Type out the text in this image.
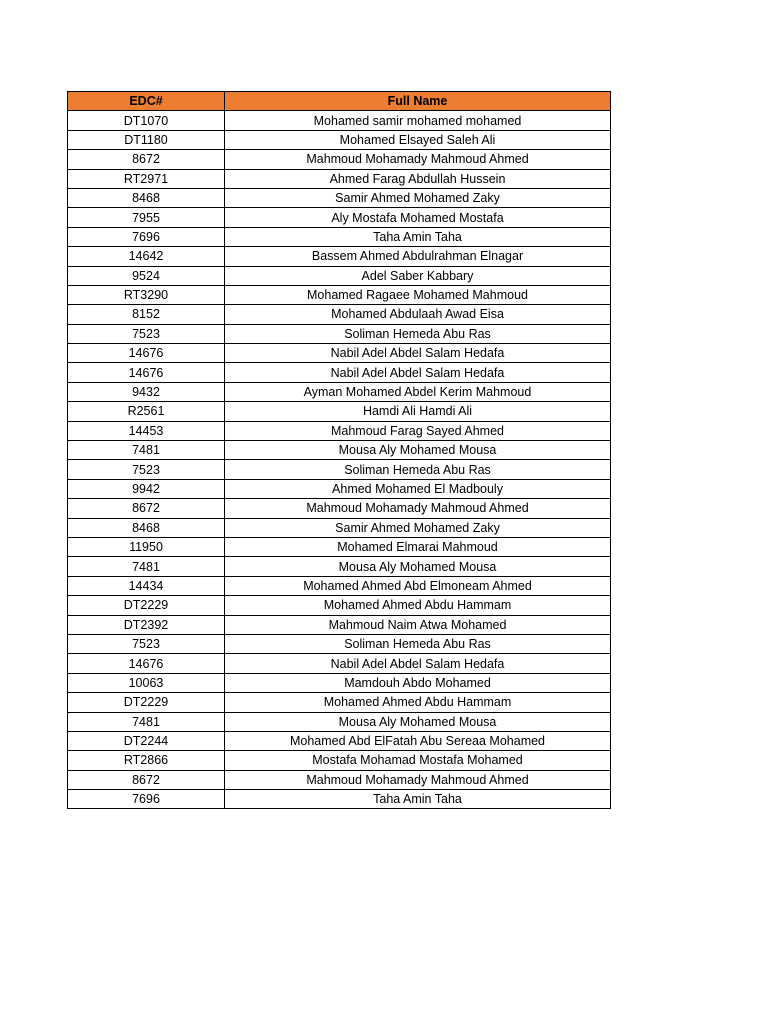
EDC#	Full Name
DT1070	Mohamed samir mohamed mohamed
DT1180	Mohamed Elsayed Saleh Ali
8672	Mahmoud Mohamady Mahmoud Ahmed
RT2971	Ahmed Farag Abdullah Hussein
8468	Samir Ahmed Mohamed Zaky
7955	Aly Mostafa Mohamed Mostafa
7696	Taha Amin Taha
14642	Bassem Ahmed Abdulrahman Elnagar
9524	Adel Saber Kabbary
RT3290	Mohamed Ragaee Mohamed Mahmoud
8152	Mohamed Abdulaah Awad Eisa
7523	Soliman Hemeda Abu Ras
14676	Nabil Adel Abdel Salam Hedafa
14676	Nabil Adel Abdel Salam Hedafa
9432	Ayman Mohamed Abdel Kerim Mahmoud
R2561	Hamdi Ali Hamdi Ali
14453	Mahmoud Farag Sayed Ahmed
7481	Mousa Aly Mohamed Mousa
7523	Soliman Hemeda Abu Ras
9942	Ahmed Mohamed El Madbouly
8672	Mahmoud Mohamady Mahmoud Ahmed
8468	Samir Ahmed Mohamed Zaky
11950	Mohamed Elmarai Mahmoud
7481	Mousa Aly Mohamed Mousa
14434	Mohamed Ahmed Abd Elmoneam Ahmed
DT2229	Mohamed Ahmed Abdu Hammam
DT2392	Mahmoud Naim Atwa Mohamed
7523	Soliman Hemeda Abu Ras
14676	Nabil Adel Abdel Salam Hedafa
10063	Mamdouh Abdo Mohamed
DT2229	Mohamed Ahmed Abdu Hammam
7481	Mousa Aly Mohamed Mousa
DT2244	Mohamed Abd ElFatah Abu Sereaa Mohamed
RT2866	Mostafa Mohamad Mostafa Mohamed
8672	Mahmoud Mohamady Mahmoud Ahmed
7696	Taha Amin Taha
